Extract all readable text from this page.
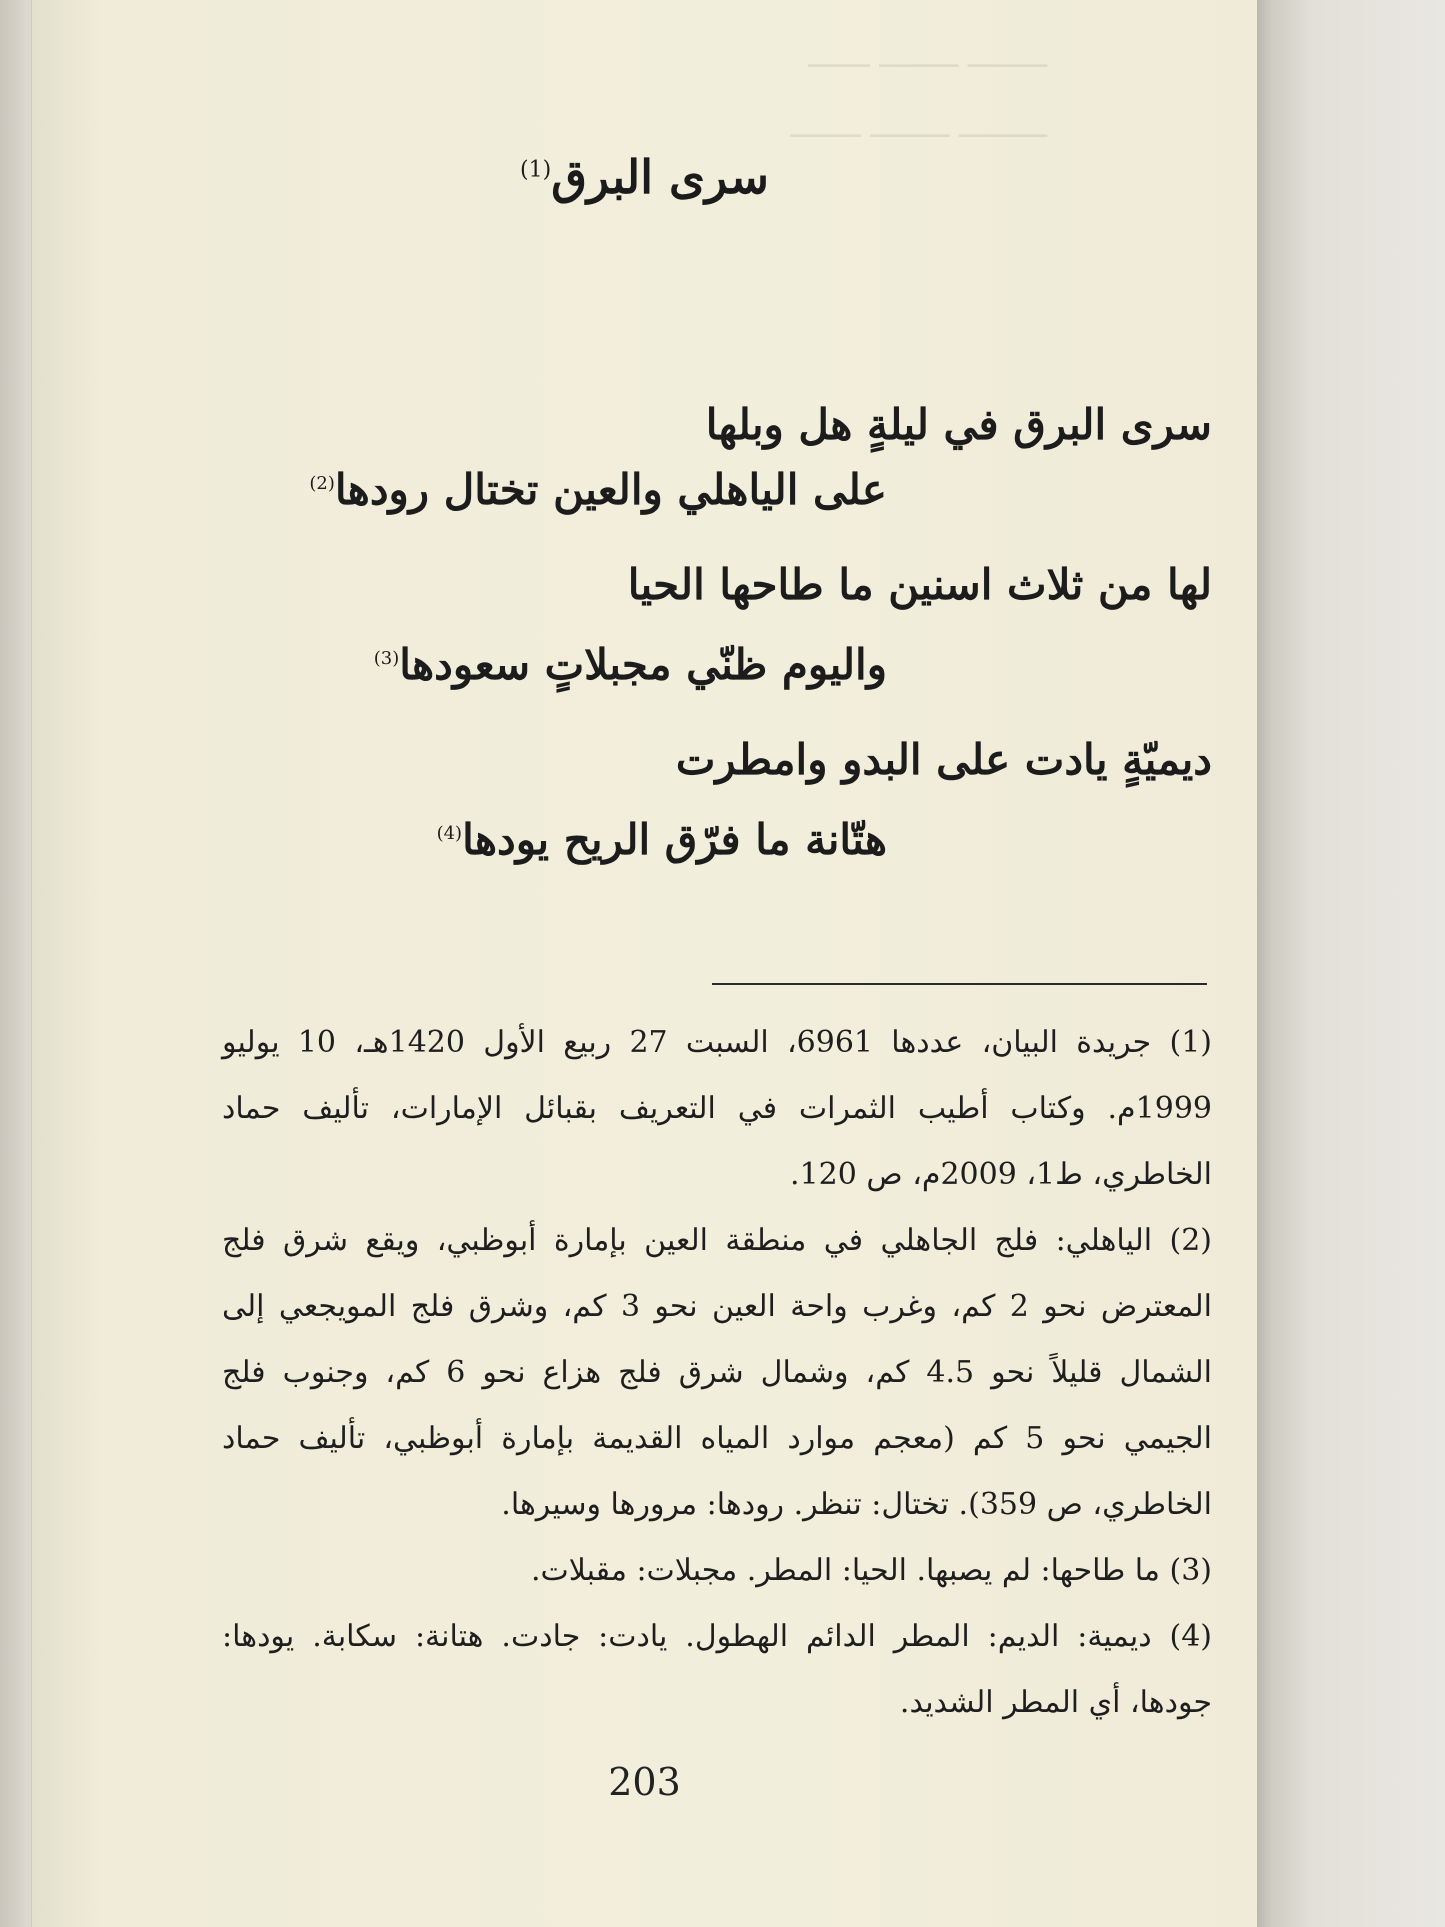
ـــــــــ ـــــــــ ـــــــ
ــــــــــ ـــــــــ ــــــــ
سرى البرق$^{(1)}$
سرى البرق في ليلةٍ هل وبلها
على الياهلي والعين تختال رودها$^{(2)}$
لها من ثلاث اسنين ما طاحها الحيا
واليوم ظنّي مجبلاتٍ سعودها$^{(3)}$
ديميّةٍ يادت على البدو وامطرت
هتّانة ما فرّق الريح يودها$^{(4)}$
(1) جريدة البيان، عددها 6961، السبت 27 ربيع الأول 1420هـ، 10 يوليو 1999م. وكتاب أطيب الثمرات في التعريف بقبائل الإمارات، تأليف حماد الخاطري، ط1، 2009م، ص 120.
(2) الياهلي: فلج الجاهلي في منطقة العين بإمارة أبوظبي، ويقع شرق فلج المعترض نحو 2 كم، وغرب واحة العين نحو 3 كم، وشرق فلج المويجعي إلى الشمال قليلاً نحو 4.5 كم، وشمال شرق فلج هزاع نحو 6 كم، وجنوب فلج الجيمي نحو 5 كم (معجم موارد المياه القديمة بإمارة أبوظبي، تأليف حماد الخاطري، ص 359). تختال: تنظر. رودها: مرورها وسيرها.
(3) ما طاحها: لم يصبها. الحيا: المطر. مجبلات: مقبلات.
(4) ديمية: الديم: المطر الدائم الهطول. يادت: جادت. هتانة: سكابة. يودها: جودها، أي المطر الشديد.
203
